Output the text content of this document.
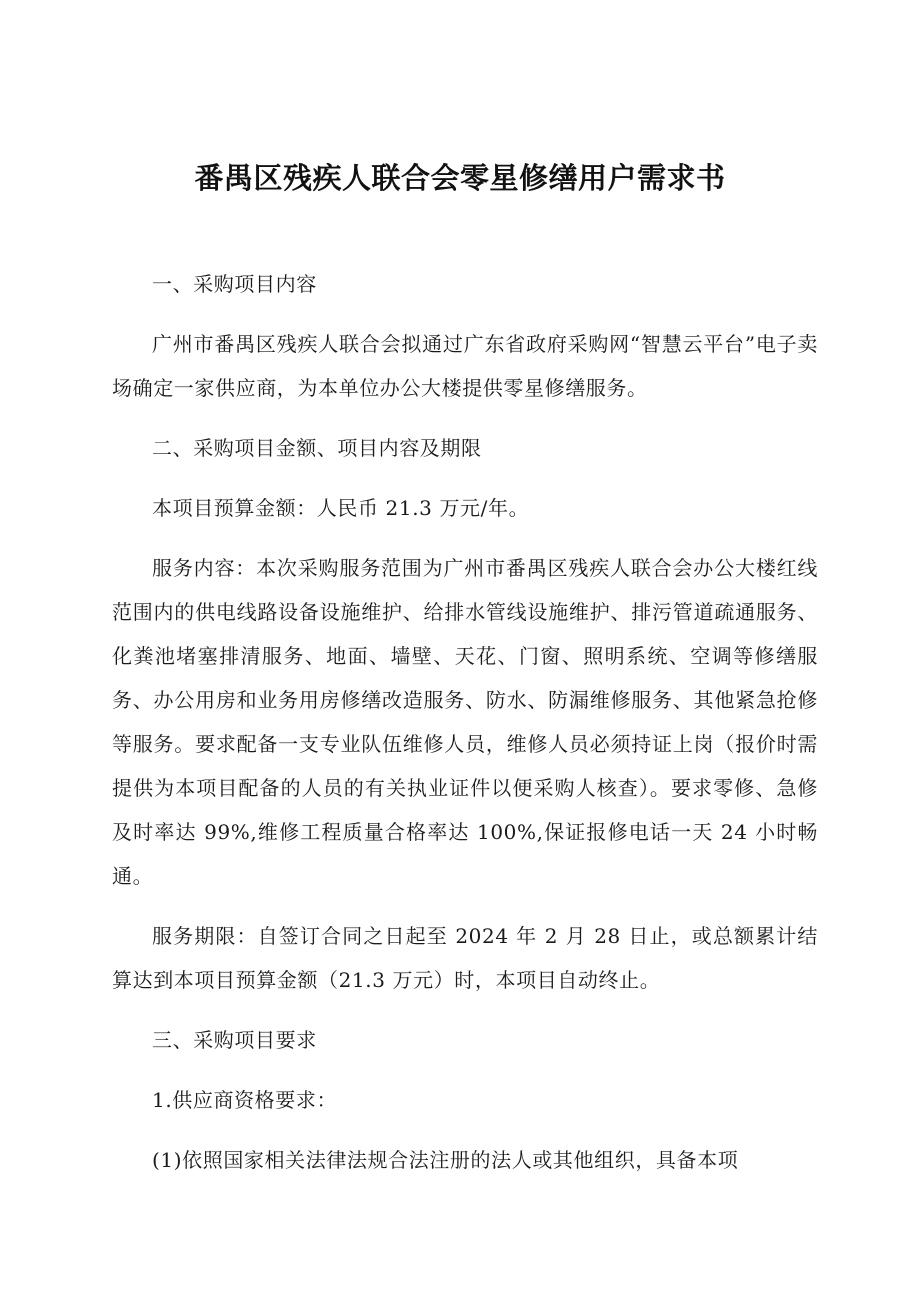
番禺区残疾人联合会零星修缮用户需求书

一、采购项目内容

广州市番禺区残疾人联合会拟通过广东省政府采购网“智慧云平台”电子卖场确定一家供应商，为本单位办公大楼提供零星修缮服务。

二、采购项目金额、项目内容及期限

本项目预算金额：人民币 21.3 万元/年。

服务内容：本次采购服务范围为广州市番禺区残疾人联合会办公大楼红线范围内的供电线路设备设施维护、给排水管线设施维护、排污管道疏通服务、化粪池堵塞排清服务、地面、墙壁、天花、门窗、照明系统、空调等修缮服务、办公用房和业务用房修缮改造服务、防水、防漏维修服务、其他紧急抢修等服务。要求配备一支专业队伍维修人员，维修人员必须持证上岗（报价时需提供为本项目配备的人员的有关执业证件以便采购人核查）。要求零修、急修及时率达 99%,维修工程质量合格率达 100%,保证报修电话一天 24 小时畅通。

服务期限：自签订合同之日起至 2024 年 2 月 28 日止，或总额累计结算达到本项目预算金额（21.3 万元）时，本项目自动终止。

三、采购项目要求

1.供应商资格要求：

(1)依照国家相关法律法规合法注册的法人或其他组织，具备本项
